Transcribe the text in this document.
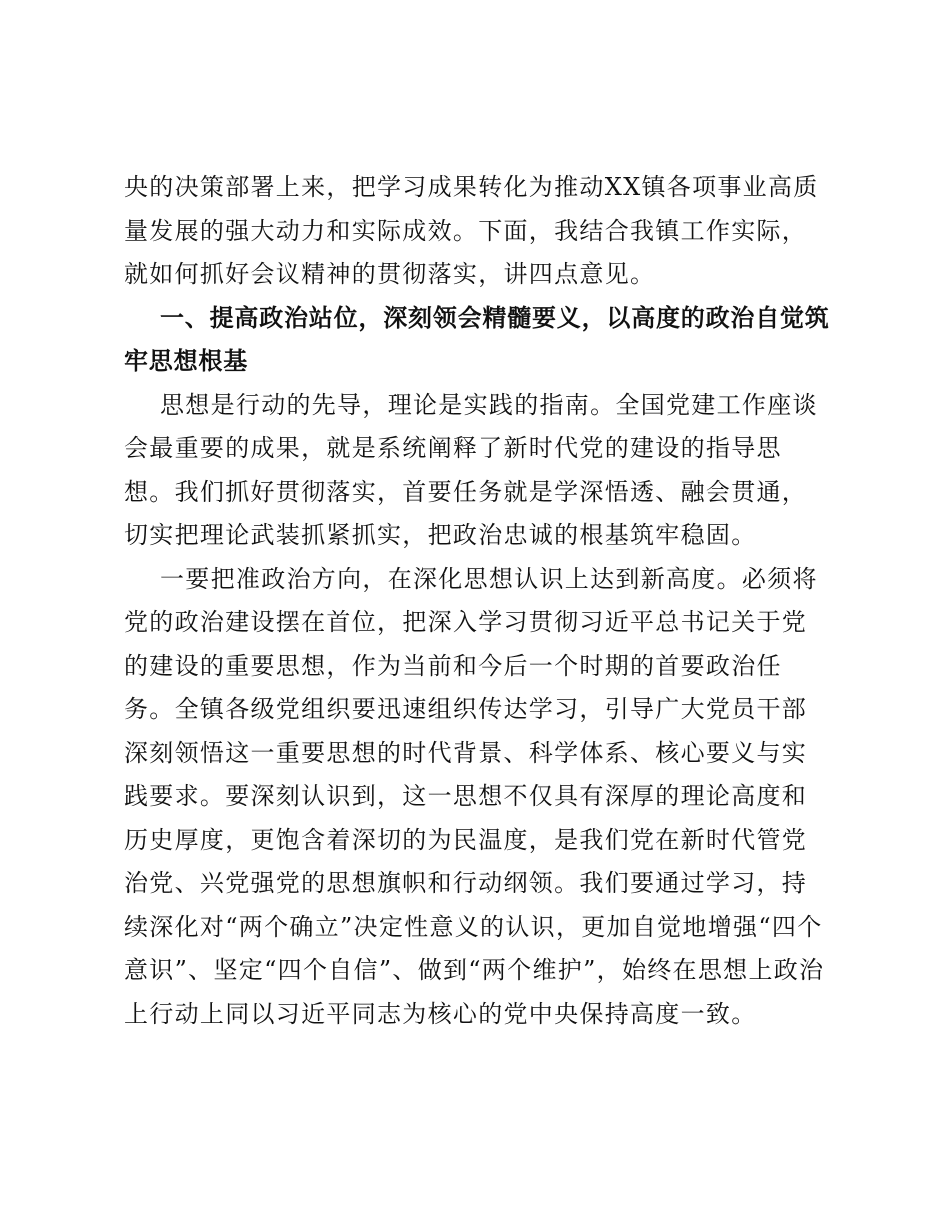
央的决策部署上来，把学习成果转化为推动XX镇各项事业高质量发展的强大动力和实际成效。下面，我结合我镇工作实际，就如何抓好会议精神的贯彻落实，讲四点意见。

一、提高政治站位，深刻领会精髓要义，以高度的政治自觉筑牢思想根基

思想是行动的先导，理论是实践的指南。全国党建工作座谈会最重要的成果，就是系统阐释了新时代党的建设的指导思想。我们抓好贯彻落实，首要任务就是学深悟透、融会贯通，切实把理论武装抓紧抓实，把政治忠诚的根基筑牢稳固。

一要把准政治方向，在深化思想认识上达到新高度。必须将党的政治建设摆在首位，把深入学习贯彻习近平总书记关于党的建设的重要思想，作为当前和今后一个时期的首要政治任务。全镇各级党组织要迅速组织传达学习，引导广大党员干部深刻领悟这一重要思想的时代背景、科学体系、核心要义与实践要求。要深刻认识到，这一思想不仅具有深厚的理论高度和历史厚度，更饱含着深切的为民温度，是我们党在新时代管党治党、兴党强党的思想旗帜和行动纲领。我们要通过学习，持续深化对“两个确立”决定性意义的认识，更加自觉地增强“四个意识”、坚定“四个自信”、做到“两个维护”，始终在思想上政治上行动上同以习近平同志为核心的党中央保持高度一致。
